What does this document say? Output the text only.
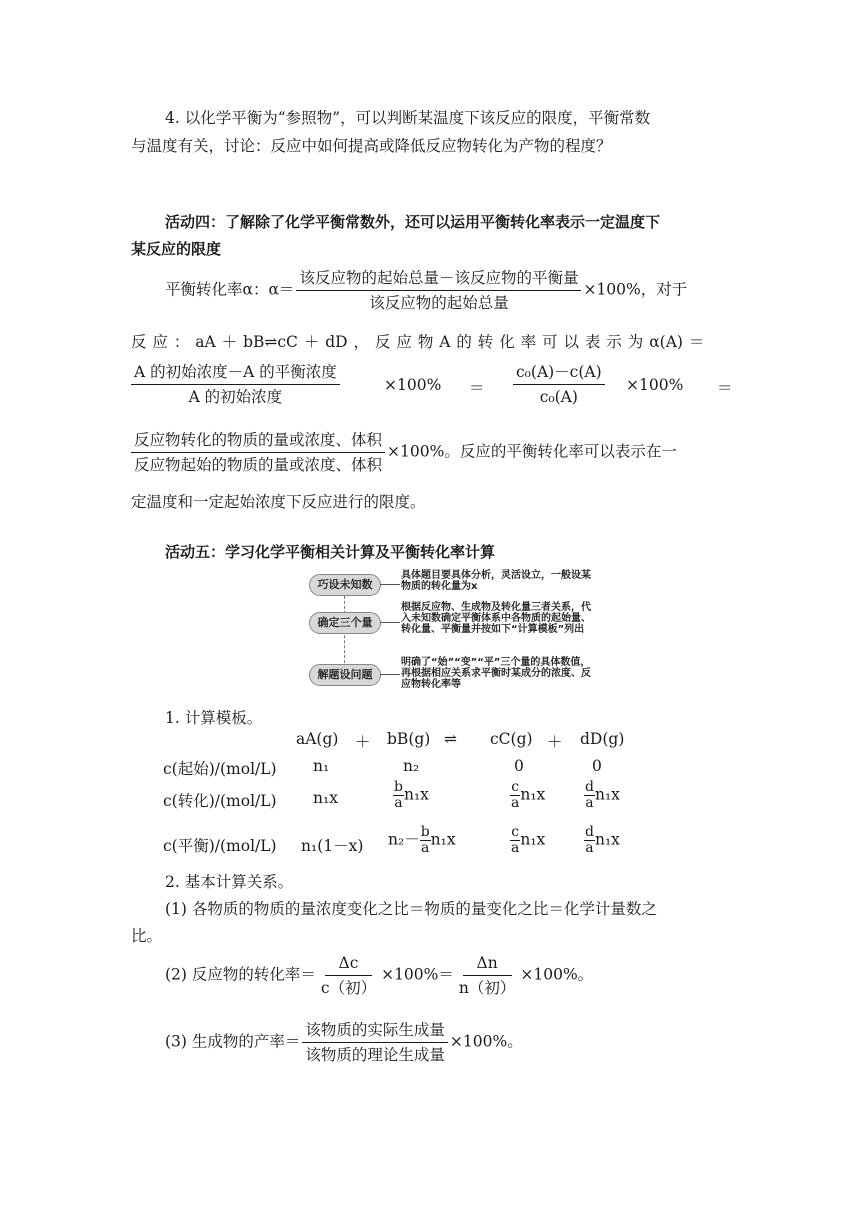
4. 以化学平衡为“参照物”，可以判断某温度下该反应的限度，平衡常数
与温度有关，讨论：反应中如何提高或降低反应物转化为产物的程度？
活动四：了解除了化学平衡常数外，还可以运用平衡转化率表示一定温度下
某反应的限度
平衡转化率α：$\alpha= \frac{\text{该反应物的起始总量－该反应物的平衡量}}{\text{该反应物的起始总量}} \times 100\%$，对于
反 应 ： aA ＋ bB⇌cC ＋ dD ， 反 应 物 A 的 转 化 率 可 以 表 示 为 α(A) ＝
$\frac{\text{A 的初始浓度－A 的平衡浓度}}{\text{A 的初始浓度}}$	$\times 100\% = \frac{\text{c₀(A)－c(A)}}{\text{c₀(A)}} \times 100\%$ ＝
$\frac{\text{反应物转化的物质的量或浓度、体积}}{\text{反应物起始的物质的量或浓度、体积}} \times 100\%$。反应的平衡转化率可以表示在一
定温度和一定起始浓度下反应进行的限度。
活动五：学习化学平衡相关计算及平衡转化率计算
巧设未知数
具体题目要具体分析，灵活设立，一般设某物质的转化量为x
确定三个量
根据反应物、生成物及转化量三者关系，代入未知数确定平衡体系中各物质的起始量、转化量、平衡量并按如下“计算模板”列出
解题设问题
明确了“始”“变”“平”三个量的具体数值，再根据相应关系求平衡时某成分的浓度、反应物转化率等
1. 计算模板。
aA(g) ＋ bB(g) ⇌ cC(g) ＋ dD(g)
c(起始)/(mol/L) n₁	n₂	0	0
c(转化)/(mol/L) n₁x	$\frac{b}{a} n_1x$	$\frac{c}{a} n_1x$	$\frac{d}{a} n_1x$
c(平衡)/(mol/L) n₁(1－x) $n_2- \frac{b}{a} n_1x$	$\frac{c}{a} n_1x$	$\frac{d}{a} n_1x$
2. 基本计算关系。
(1) 各物质的物质的量浓度变化之比＝物质的量变化之比＝化学计量数之
比。
(2) 反应物的转化率＝ $\frac{\Delta c}{\text{c（初）}} \times 100\%= \frac{\Delta n}{\text{n（初）}} \times 100\%$。
(3) 生成物的产率＝ $\frac{\text{该物质的实际生成量}}{\text{该物质的理论生成量}} \times 100\%$。
